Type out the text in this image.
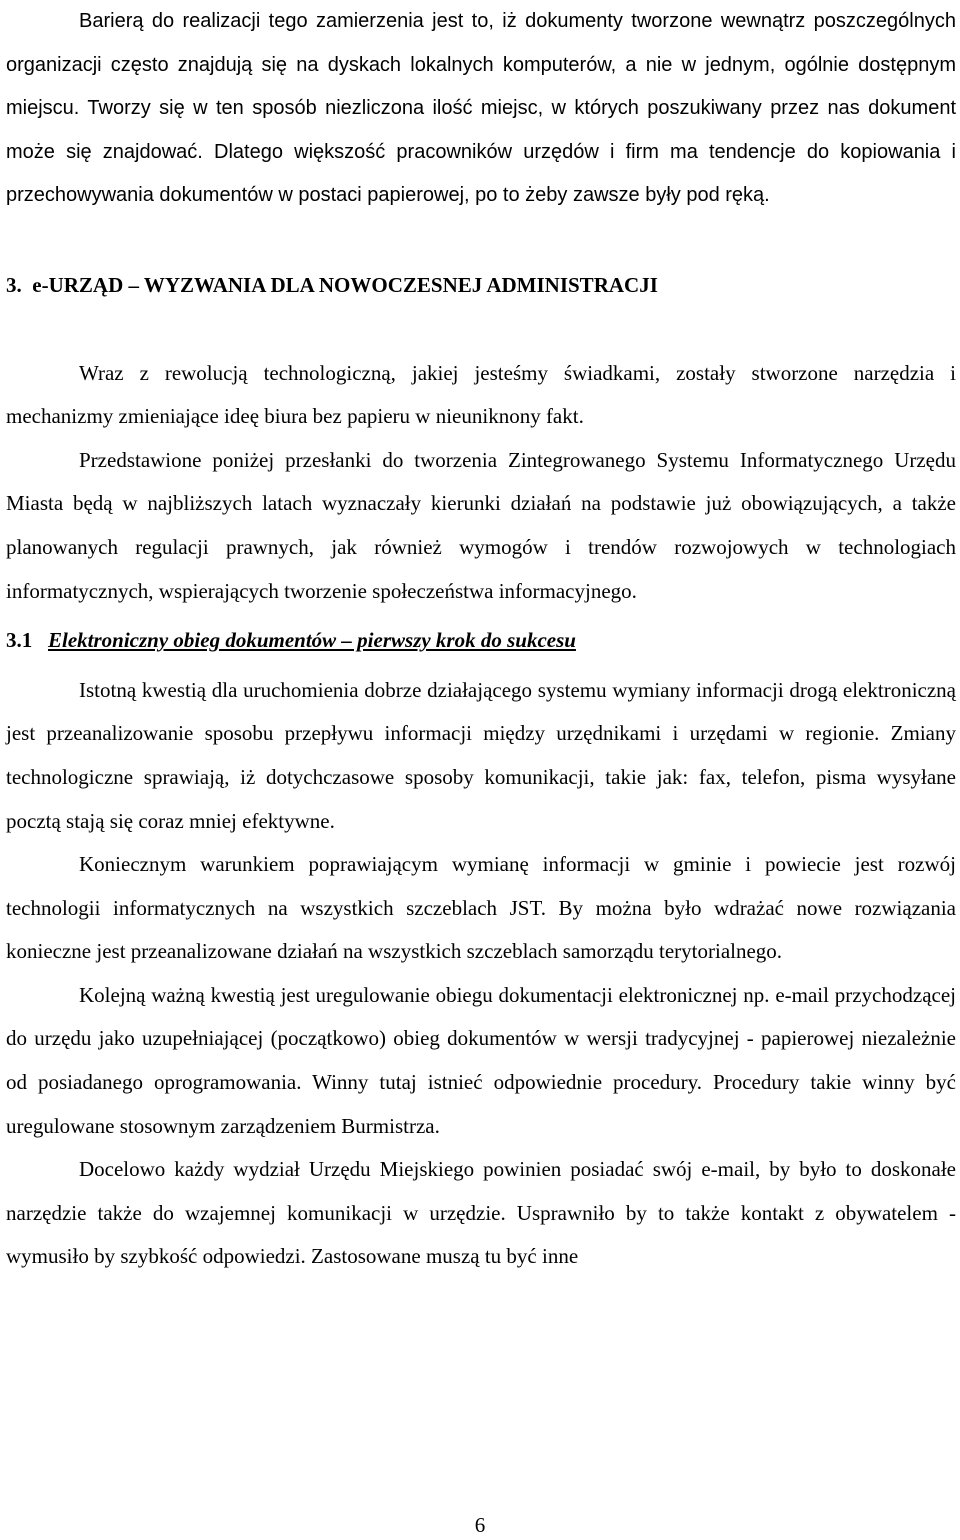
Barierą do realizacji tego zamierzenia jest to, iż dokumenty tworzone wewnątrz poszczególnych organizacji często znajdują się na dyskach lokalnych komputerów, a nie w jednym, ogólnie dostępnym miejscu. Tworzy się w ten sposób niezliczona ilość miejsc, w których poszukiwany przez nas dokument może się znajdować. Dlatego większość pracowników urzędów i firm ma tendencje do kopiowania i przechowywania dokumentów w postaci papierowej, po to żeby zawsze były pod ręką.

3. e-URZĄD – WYZWANIA DLA NOWOCZESNEJ ADMINISTRACJI

Wraz z rewolucją technologiczną, jakiej jesteśmy świadkami, zostały stworzone narzędzia i mechanizmy zmieniające ideę biura bez papieru w nieuniknony fakt.

Przedstawione poniżej przesłanki do tworzenia Zintegrowanego Systemu Informatycznego Urzędu Miasta będą w najbliższych latach wyznaczały kierunki działań na podstawie już obowiązujących, a także planowanych regulacji prawnych, jak również wymogów i trendów rozwojowych w technologiach informatycznych, wspierających tworzenie społeczeństwa informacyjnego.

3.1 Elektroniczny obieg dokumentów – pierwszy krok do sukcesu

Istotną kwestią dla uruchomienia dobrze działającego systemu wymiany informacji drogą elektroniczną jest przeanalizowanie sposobu przepływu informacji między urzędnikami i urzędami w regionie. Zmiany technologiczne sprawiają, iż dotychczasowe sposoby komunikacji, takie jak: fax, telefon, pisma wysyłane pocztą stają się coraz mniej efektywne.

Koniecznym warunkiem poprawiającym wymianę informacji w gminie i powiecie jest rozwój technologii informatycznych na wszystkich szczeblach JST. By można było wdrażać nowe rozwiązania konieczne jest przeanalizowane działań na wszystkich szczeblach samorządu terytorialnego.

Kolejną ważną kwestią jest uregulowanie obiegu dokumentacji elektronicznej np. e-mail przychodzącej do urzędu jako uzupełniającej (początkowo) obieg dokumentów w wersji tradycyjnej - papierowej niezależnie od posiadanego oprogramowania. Winny tutaj istnieć odpowiednie procedury. Procedury takie winny być uregulowane stosownym zarządzeniem Burmistrza.

Docelowo każdy wydział Urzędu Miejskiego powinien posiadać swój e-mail, by było to doskonałe narzędzie także do wzajemnej komunikacji w urzędzie. Usprawniło by to także kontakt z obywatelem - wymusiło by szybkość odpowiedzi. Zastosowane muszą tu być inne

6
